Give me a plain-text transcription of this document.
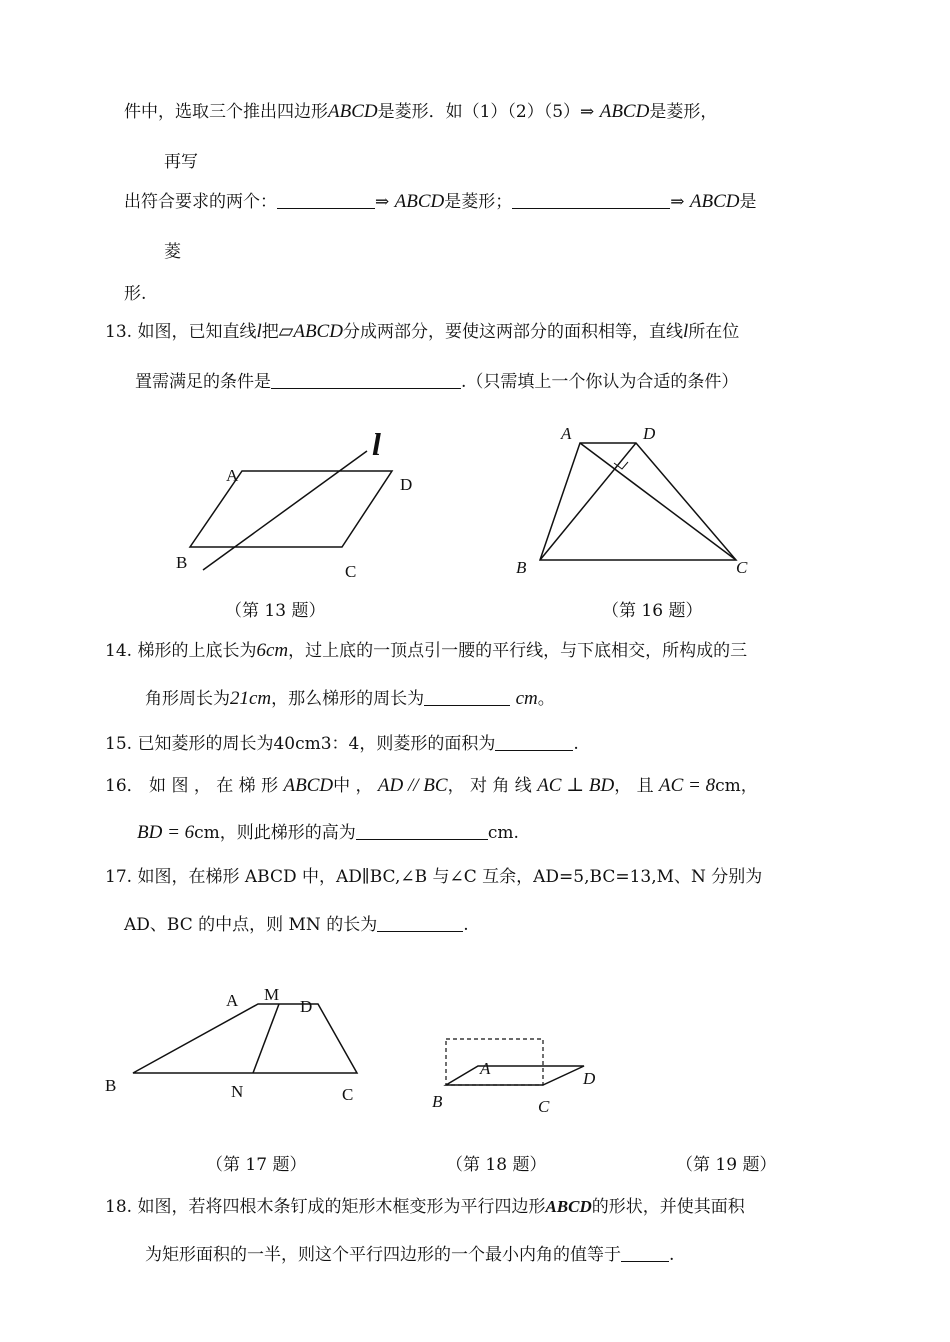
件中，选取三个推出四边形ABCD是菱形．如（1）（2）（5）⇒ ABCD是菱形，
再写
出符合要求的两个：	⇒ ABCD是菱形；	⇒ ABCD是
菱
形.
13. 如图，已知直线l把▱ABCD分成两部分，要使这两部分的面积相等，直线l所在位
置需满足的条件是	.（只需填上一个你认为合适的条件）
A	D
B	C
l
（第 13 题）
A	D
B	C
（第 16 题）
14. 梯形的上底长为6cm，过上底的一顶点引一腰的平行线，与下底相交，所构成的三
角形周长为21cm，那么梯形的周长为	cm。
15. 已知菱形的周长为40cm3：4，则菱形的面积为	.
16． 如 图 ， 在 梯 形 ABCD中 ， AD // BC， 对 角 线 AC ⊥ BD， 且 AC = 8cm，
BD = 6cm，则此梯形的高为	cm.
17. 如图，在梯形 ABCD 中，AD∥BC,∠B 与∠C 互余，AD=5,BC=13,M、N 分别为
AD、BC 的中点，则 MN 的长为	.
A M
D
B	N	C
A
D
B	C
（第 17 题）	（第 18 题）	（第 19 题）
18. 如图，若将四根木条钉成的矩形木框变形为平行四边形ABCD的形状，并使其面积
为矩形面积的一半，则这个平行四边形的一个最小内角的值等于	.
